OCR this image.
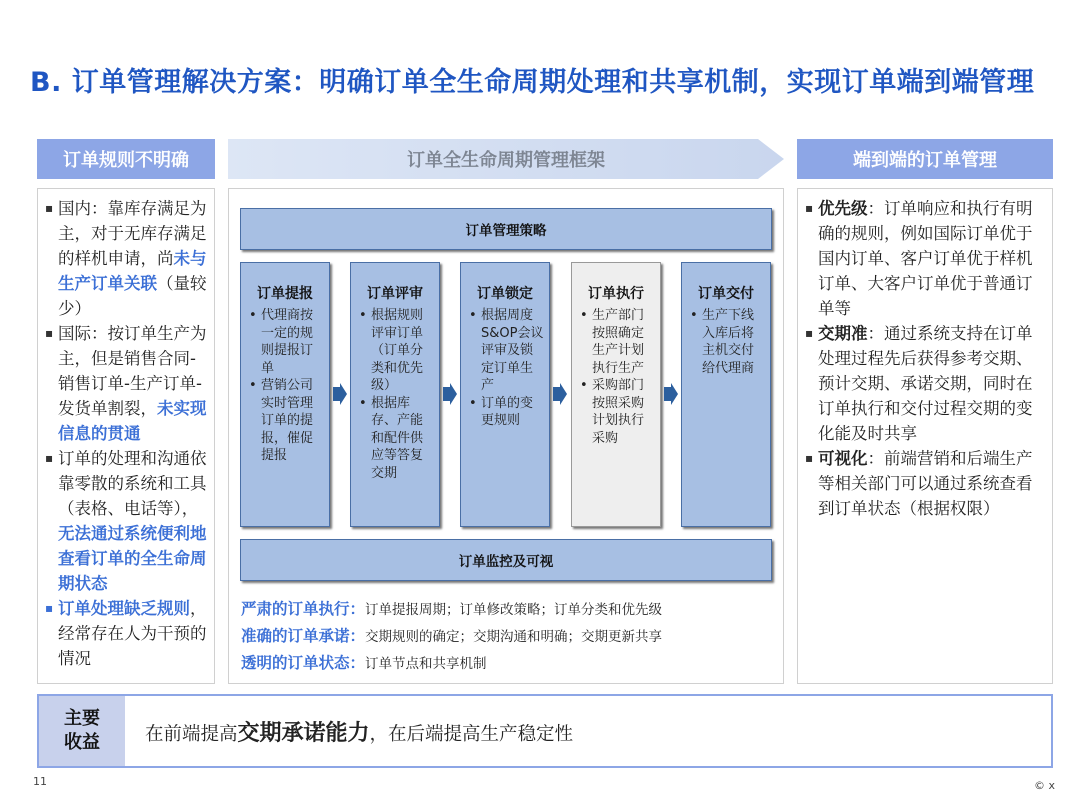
B. 订单管理解决方案：明确订单全生命周期处理和共享机制，实现订单端到端管理
订单规则不明确	订单全生命周期管理框架	端到端的订单管理
▪ 国内：靠库存满足为主，对于无库存满足的样机申请，尚未与生产订单关联（量较少）
▪ 国际：按订单生产为主，但是销售合同-销售订单-生产订单-发货单割裂，未实现信息的贯通
▪ 订单的处理和沟通依靠零散的系统和工具（表格、电话等），无法通过系统便利地查看订单的全生命周期状态
▪ 订单处理缺乏规则，经常存在人为干预的情况
订单管理策略
订单提报
• 代理商按一定的规则提报订单
• 营销公司实时管理订单的提报，催促提报
订单评审
• 根据规则评审订单（订单分类和优先级）
• 根据库存、产能和配件供应等答复交期
订单锁定
• 根据周度S&OP会议评审及锁定订单生产
• 订单的变更规则
订单执行
• 生产部门按照确定生产计划执行生产
• 采购部门按照采购计划执行采购
订单交付
• 生产下线入库后将主机交付给代理商
订单监控及可视
严肃的订单执行：订单提报周期；订单修改策略；订单分类和优先级
准确的订单承诺：交期规则的确定；交期沟通和明确；交期更新共享
透明的订单状态：订单节点和共享机制
▪ 优先级：订单响应和执行有明确的规则，例如国际订单优于国内订单、客户订单优于样机订单、大客户订单优于普通订单等
▪ 交期准：通过系统支持在订单处理过程先后获得参考交期、预计交期、承诺交期，同时在订单执行和交付过程交期的变化能及时共享
▪ 可视化：前端营销和后端生产等相关部门可以通过系统查看到订单状态（根据权限）
主要
收益 在前端提高交期承诺能力，在后端提高生产稳定性
11	© x
